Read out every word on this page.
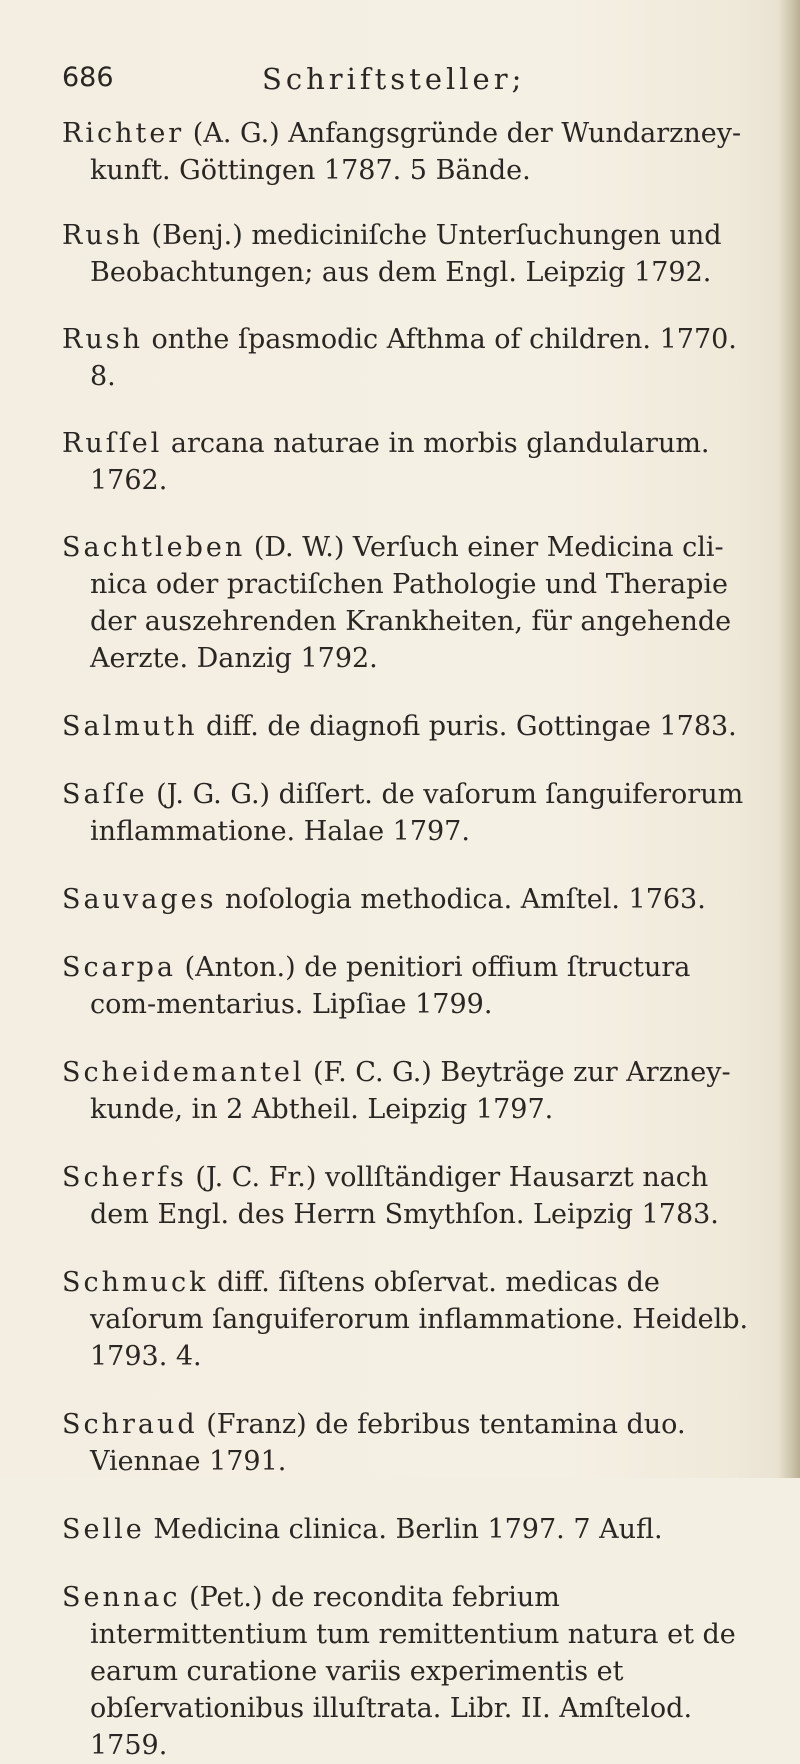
686	Schriftsteller;

Richter (A. G.) Anfangsgründe der Wundarzney-kunft. Göttingen 1787. 5 Bände.

Rush (Benj.) mediciniſche Unterſuchungen und Beobachtungen; aus dem Engl. Leipzig 1792.

Rush onthe ſpasmodic Afthma of children. 1770. 8.

Ruſſel arcana naturae in morbis glandularum. 1762.

Sachtleben (D. W.) Verſuch einer Medicina cli-nica oder practiſchen Pathologie und Therapie der auszehrenden Krankheiten, für angehende Aerzte. Danzig 1792.

Salmuth diff. de diagnofi puris. Gottingae 1783.

Saſſe (J. G. G.) diſſert. de vaſorum ſanguiferorum inflammatione. Halae 1797.

Sauvages noſologia methodica. Amſtel. 1763.

Scarpa (Anton.) de penitiori offium ſtructura com-mentarius. Lipſiae 1799.

Scheidemantel (F. C. G.) Beyträge zur Arzney-kunde, in 2 Abtheil. Leipzig 1797.

Scherfs (J. C. Fr.) vollſtändiger Hausarzt nach dem Engl. des Herrn Smythſon. Leipzig 1783.

Schmuck diff. ſiſtens obſervat. medicas de vaſorum ſanguiferorum inflammatione. Heidelb. 1793. 4.

Schraud (Franz) de febribus tentamina duo. Viennae 1791.

Selle Medicina clinica. Berlin 1797. 7 Aufl.

Sennac (Pet.) de recondita febrium intermittentium tum remittentium natura et de earum curatione variis experimentis et obſervationibus illuſtrata. Libr. II. Amſtelod. 1759.
